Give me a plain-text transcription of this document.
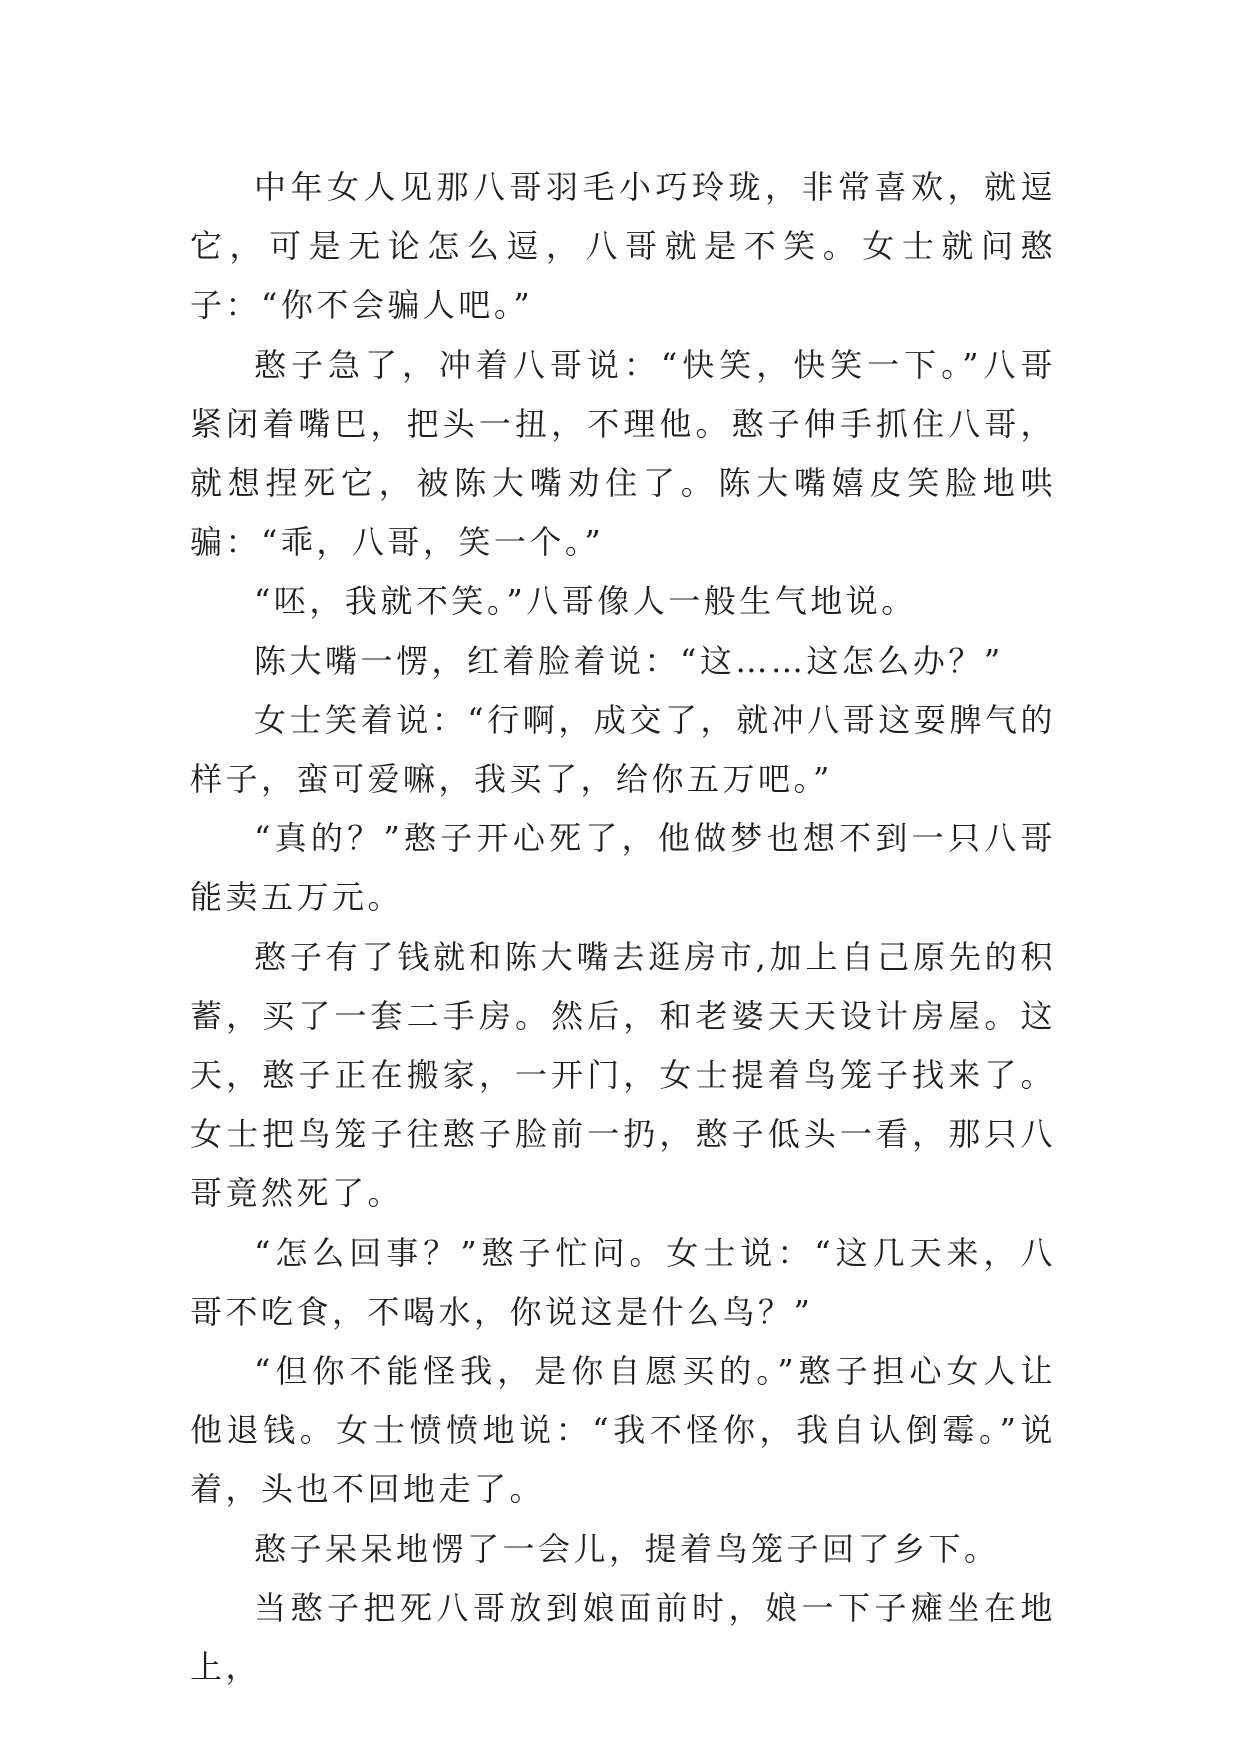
中年女人见那八哥羽毛小巧玲珑，非常喜欢，就逗它，可是无论怎么逗，八哥就是不笑。女士就问憨子：“你不会骗人吧。”

憨子急了，冲着八哥说：“快笑，快笑一下。”八哥紧闭着嘴巴，把头一扭，不理他。憨子伸手抓住八哥，就想捏死它，被陈大嘴劝住了。陈大嘴嬉皮笑脸地哄骗：“乖，八哥，笑一个。”

“呸，我就不笑。”八哥像人一般生气地说。

陈大嘴一愣，红着脸着说：“这……这怎么办？”

女士笑着说：“行啊，成交了，就冲八哥这耍脾气的样子，蛮可爱嘛，我买了，给你五万吧。”

“真的？”憨子开心死了，他做梦也想不到一只八哥能卖五万元。

憨子有了钱就和陈大嘴去逛房市,加上自己原先的积蓄，买了一套二手房。然后，和老婆天天设计房屋。这天，憨子正在搬家，一开门，女士提着鸟笼子找来了。女士把鸟笼子往憨子脸前一扔，憨子低头一看，那只八哥竟然死了。

“怎么回事？”憨子忙问。女士说：“这几天来，八哥不吃食，不喝水，你说这是什么鸟？”

“但你不能怪我，是你自愿买的。”憨子担心女人让他退钱。女士愤愤地说：“我不怪你，我自认倒霉。”说着，头也不回地走了。

憨子呆呆地愣了一会儿，提着鸟笼子回了乡下。

当憨子把死八哥放到娘面前时，娘一下子瘫坐在地上，
